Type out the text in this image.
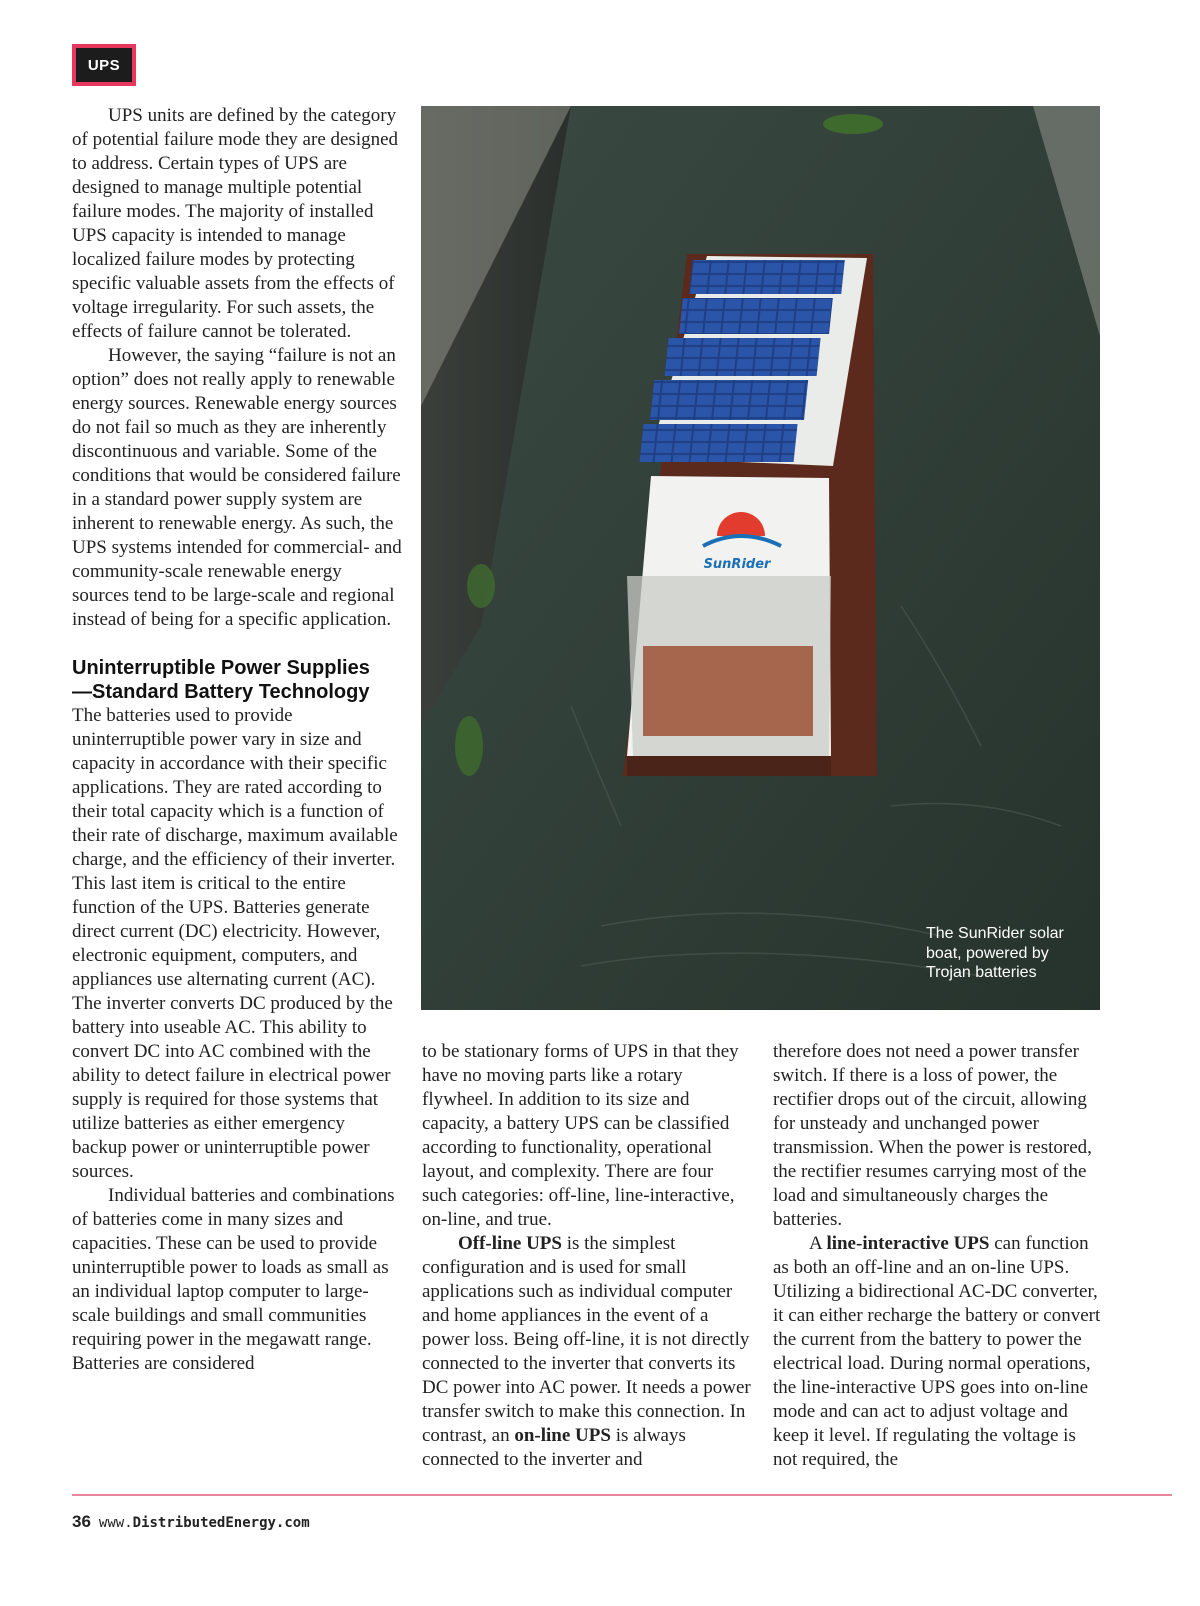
UPS

UPS units are defined by the category of potential failure mode they are designed to address. Certain types of UPS are designed to manage multiple potential failure modes. The majority of installed UPS capacity is intended to manage localized failure modes by protecting specific valuable assets from the effects of voltage irregularity. For such assets, the effects of failure cannot be tolerated.

However, the saying “failure is not an option” does not really apply to renewable energy sources. Renewable energy sources do not fail so much as they are inherently discontinuous and variable. Some of the conditions that would be considered failure in a standard power supply system are inherent to renewable energy. As such, the UPS systems intended for commercial- and community-scale renewable energy sources tend to be large-scale and regional instead of being for a specific application.

Uninterruptible Power Supplies
—Standard Battery Technology

The batteries used to provide uninterruptible power vary in size and capacity in accordance with their specific applications. They are rated according to their total capacity which is a function of their rate of discharge, maximum available charge, and the efficiency of their inverter. This last item is critical to the entire function of the UPS. Batteries generate direct current (DC) electricity. However, electronic equipment, computers, and appliances use alternating current (AC). The inverter converts DC produced by the battery into useable AC. This ability to convert DC into AC combined with the ability to detect failure in electrical power supply is required for those systems that utilize batteries as either emergency backup power or uninterruptible power sources.

Individual batteries and combinations of batteries come in many sizes and capacities. These can be used to provide uninterruptible power to loads as small as an individual laptop computer to large-scale buildings and small communities requiring power in the megawatt range. Batteries are considered

SunRider
The SunRider solar boat, powered by Trojan batteries

to be stationary forms of UPS in that they have no moving parts like a rotary flywheel. In addition to its size and capacity, a battery UPS can be classified according to functionality, operational layout, and complexity. There are four such categories: off-line, line-interactive, on-line, and true.

Off-line UPS is the simplest configuration and is used for small applications such as individual computer and home appliances in the event of a power loss. Being off-line, it is not directly connected to the inverter that converts its DC power into AC power. It needs a power transfer switch to make this connection. In contrast, an on-line UPS is always connected to the inverter and

therefore does not need a power transfer switch. If there is a loss of power, the rectifier drops out of the circuit, allowing for unsteady and unchanged power transmission. When the power is restored, the rectifier resumes carrying most of the load and simultaneously charges the batteries.

A line-interactive UPS can function as both an off-line and an on-line UPS. Utilizing a bidirectional AC-DC converter, it can either recharge the battery or convert the current from the battery to power the electrical load. During normal operations, the line-interactive UPS goes into on-line mode and can act to adjust voltage and keep it level. If regulating the voltage is not required, the

36 www.DistributedEnergy.com
